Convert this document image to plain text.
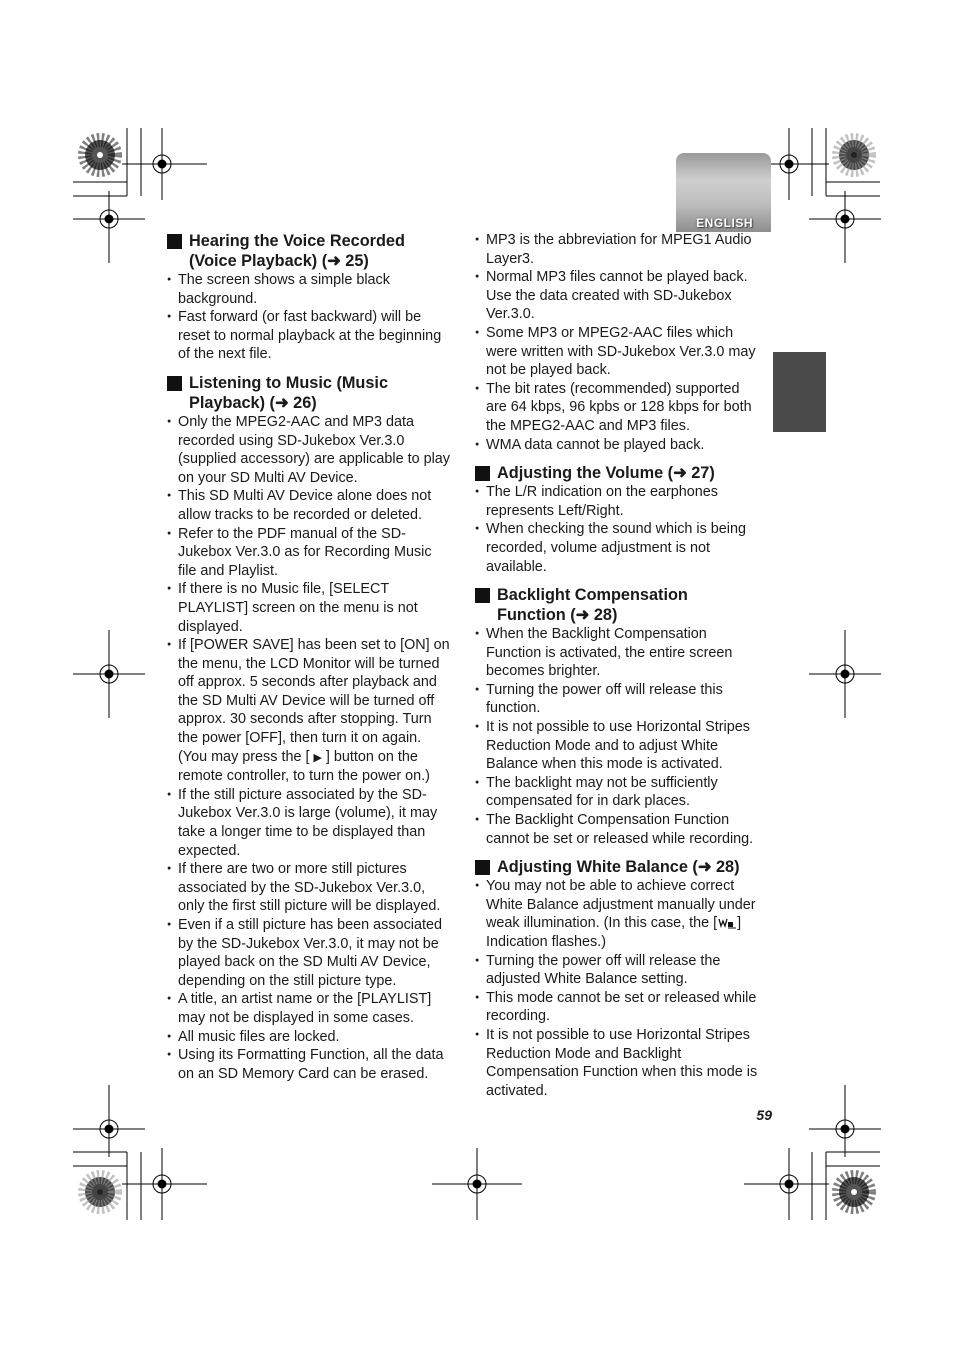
ENGLISH
Hearing the Voice Recorded (Voice Playback) (➜ 25)
● The screen shows a simple black background.
● Fast forward (or fast backward) will be reset to normal playback at the beginning of the next file.
Listening to Music (Music Playback) (➜ 26)
● Only the MPEG2-AAC and MP3 data recorded using SD-Jukebox Ver.3.0 (supplied accessory) are applicable to play on your SD Multi AV Device.
● This SD Multi AV Device alone does not allow tracks to be recorded or deleted.
● Refer to the PDF manual of the SD-Jukebox Ver.3.0 as for Recording Music file and Playlist.
● If there is no Music file, [SELECT PLAYLIST] screen on the menu is not displayed.
● If [POWER SAVE] has been set to [ON] on the menu, the LCD Monitor will be turned off approx. 5 seconds after playback and the SD Multi AV Device will be turned off approx. 30 seconds after stopping. Turn the power [OFF], then turn it on again. (You may press the [ ▶ ] button on the remote controller, to turn the power on.)
● If the still picture associated by the SD-Jukebox Ver.3.0 is large (volume), it may take a longer time to be displayed than expected.
● If there are two or more still pictures associated by the SD-Jukebox Ver.3.0, only the first still picture will be displayed.
● Even if a still picture has been associated by the SD-Jukebox Ver.3.0, it may not be played back on the SD Multi AV Device, depending on the still picture type.
● A title, an artist name or the [PLAYLIST] may not be displayed in some cases.
● All music files are locked.
● Using its Formatting Function, all the data on an SD Memory Card can be erased.
● MP3 is the abbreviation for MPEG1 Audio Layer3.
● Normal MP3 files cannot be played back. Use the data created with SD-Jukebox Ver.3.0.
● Some MP3 or MPEG2-AAC files which were written with SD-Jukebox Ver.3.0 may not be played back.
● The bit rates (recommended) supported are 64 kbps, 96 kpbs or 128 kbps for both the MPEG2-AAC and MP3 files.
● WMA data cannot be played back.
Adjusting the Volume (➜ 27)
● The L/R indication on the earphones represents Left/Right.
● When checking the sound which is being recorded, volume adjustment is not available.
Backlight Compensation Function (➜ 28)
● When the Backlight Compensation Function is activated, the entire screen becomes brighter.
● Turning the power off will release this function.
● It is not possible to use Horizontal Stripes Reduction Mode and to adjust White Balance when this mode is activated.
● The backlight may not be sufficiently compensated for in dark places.
● The Backlight Compensation Function cannot be set or released while recording.
Adjusting White Balance (➜ 28)
● You may not be able to achieve correct White Balance adjustment manually under weak illumination. (In this case, the [ ] Indication flashes.)
● Turning the power off will release the adjusted White Balance setting.
● This mode cannot be set or released while recording.
● It is not possible to use Horizontal Stripes Reduction Mode and Backlight Compensation Function when this mode is activated.
59
